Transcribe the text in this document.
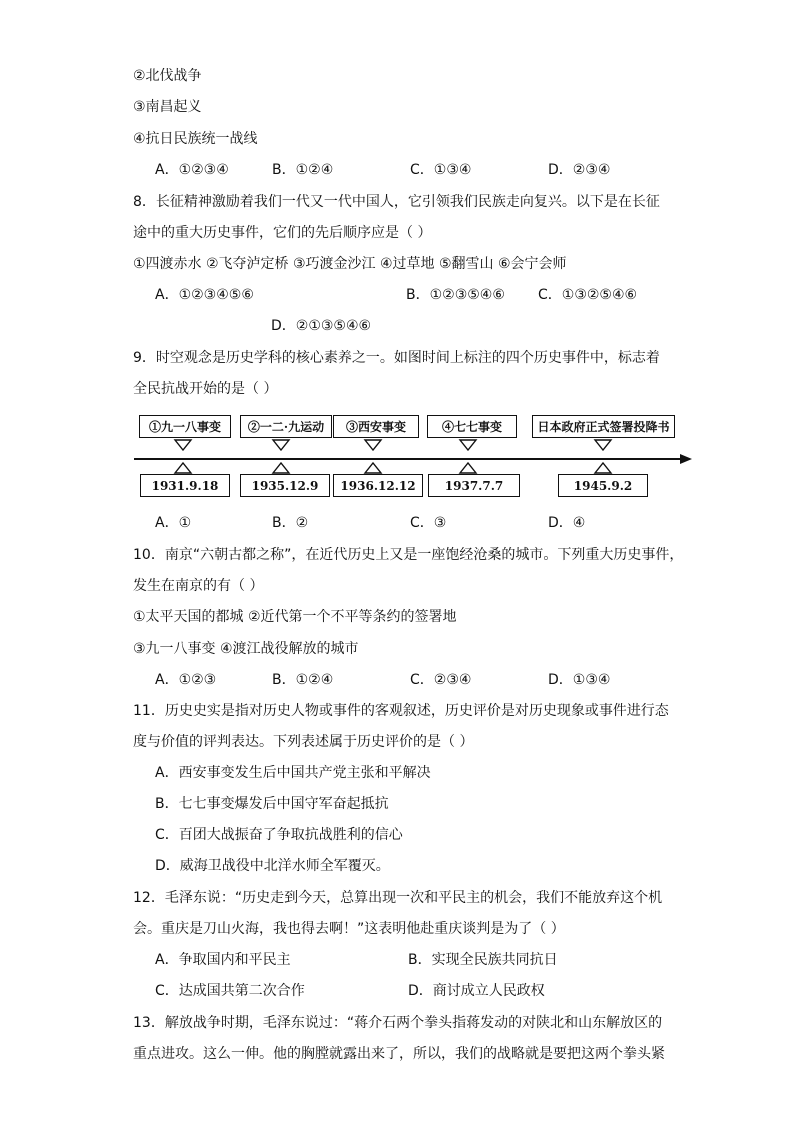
②北伐战争
③南昌起义
④抗日民族统一战线
A．①②③④	B．①②④	C．①③④	D．②③④
8．长征精神激励着我们一代又一代中国人，它引领我们民族走向复兴。以下是在长征
途中的重大历史事件，它们的先后顺序应是（ ）
①四渡赤水 ②飞夺泸定桥 ③巧渡金沙江 ④过草地 ⑤翻雪山 ⑥会宁会师
A．①②③④⑤⑥	B．①②③⑤④⑥ C．①③②⑤④⑥
D．②①③⑤④⑥
9．时空观念是历史学科的核心素养之一。如图时间上标注的四个历史事件中，标志着
全民抗战开始的是（ ）
①九一八事变	②一二·九运动	③西安事变	④七七事变	日本政府正式签署投降书
1931.9.18	1935.12.9	1936.12.12	1937.7.7	1945.9.2
A．①	B．②	C．③	D．④
10．南京“六朝古都之称”，在近代历史上又是一座饱经沧桑的城市。下列重大历史事件，
发生在南京的有（ ）
①太平天国的都城 ②近代第一个不平等条约的签署地
③九一八事变 ④渡江战役解放的城市
A．①②③	B．①②④	C．②③④	D．①③④
11．历史史实是指对历史人物或事件的客观叙述，历史评价是对历史现象或事件进行态
度与价值的评判表达。下列表述属于历史评价的是（ ）
A．西安事变发生后中国共产党主张和平解决
B．七七事变爆发后中国守军奋起抵抗
C．百团大战振奋了争取抗战胜利的信心
D．威海卫战役中北洋水师全军覆灭。
12．毛泽东说：“历史走到今天，总算出现一次和平民主的机会，我们不能放弃这个机
会。重庆是刀山火海，我也得去啊！”这表明他赴重庆谈判是为了（ ）
A．争取国内和平民主	B．实现全民族共同抗日
C．达成国共第二次合作	D．商讨成立人民政权
13．解放战争时期，毛泽东说过：“蒋介石两个拳头指蒋发动的对陕北和山东解放区的
重点进攻。这么一伸。他的胸膛就露出来了，所以，我们的战略就是要把这两个拳头紧
